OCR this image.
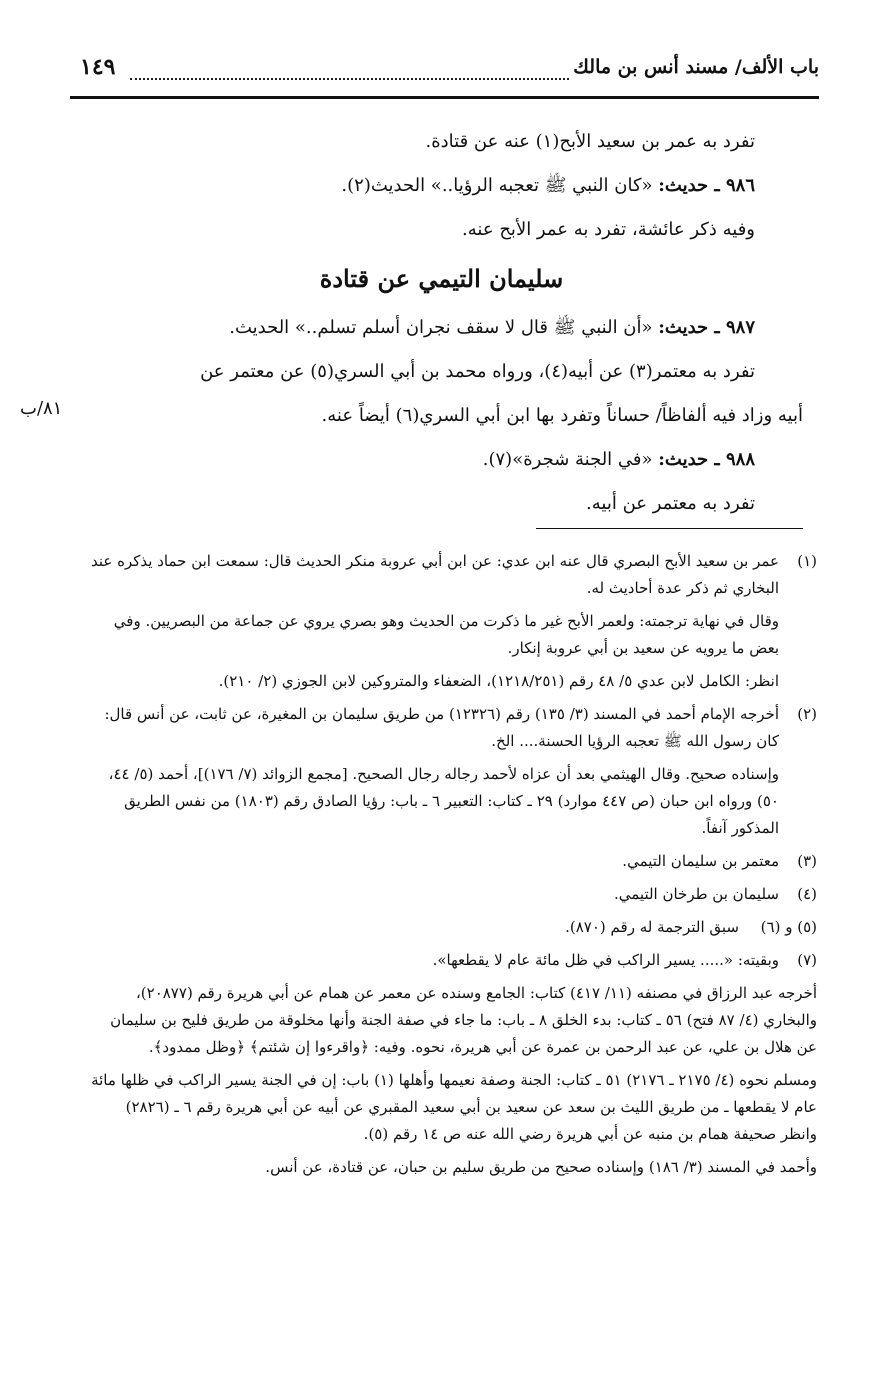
باب الألف/ مسند أنس بن مالك
١٤٩

تفرد به عمر بن سعيد الأبح(١) عنه عن قتادة.

٩٨٦ ـ حديث: «كان النبي ﷺ تعجبه الرؤيا..» الحديث(٢).

وفيه ذكر عائشة، تفرد به عمر الأبح عنه.

سليمان التيمي عن قتادة

٩٨٧ ـ حديث: «أن النبي ﷺ قال لا سقف نجران أسلم تسلم..» الحديث.

تفرد به معتمر(٣) عن أبيه(٤)، ورواه محمد بن أبي السري(٥) عن معتمر عن

أبيه وزاد فيه ألفاظاً/ حساناً وتفرد بها ابن أبي السري(٦) أيضاً عنه.

٩٨٨ ـ حديث: «في الجنة شجرة»(٧).

تفرد به معتمر عن أبيه.

٨١/ب
(١)

عمر بن سعيد الأبح البصري قال عنه ابن عدي: عن ابن أبي عروبة منكر الحديث قال: سمعت ابن حماد يذكره عند البخاري ثم ذكر عدة أحاديث له.

وقال في نهاية ترجمته: ولعمر الأبح غير ما ذكرت من الحديث وهو بصري يروي عن جماعة من البصريين. وفي بعض ما يرويه عن سعيد بن أبي عروبة إنكار.

انظر: الكامل لابن عدي ٥/ ٤٨ رقم (١٢١٨/٢٥١)، الضعفاء والمتروكين لابن الجوزي (٢/ ٢١٠).

(٢)

أخرجه الإمام أحمد في المسند (٣/ ١٣٥) رقم (١٢٣٢٦) من طريق سليمان بن المغيرة، عن ثابت، عن أنس قال: كان رسول الله ﷺ تعجبه الرؤيا الحسنة.... الخ.

وإسناده صحيح. وقال الهيثمي بعد أن عزاه لأحمد رجاله رجال الصحيح. [مجمع الزوائد (٧/ ١٧٦)]، أحمد (٥/ ٤٤، ٥٠) ورواه ابن حبان (ص ٤٤٧ موارد) ٢٩ ـ كتاب: التعبير ٦ ـ باب: رؤيا الصادق رقم (١٨٠٣) من نفس الطريق المذكور آنفاً.

(٣)

معتمر بن سليمان التيمي.

(٤)

سليمان بن طرخان التيمي.

(٥) و (٦)

سبق الترجمة له رقم (٨٧٠).

(٧)

وبقيته: «..... يسير الراكب في ظل مائة عام لا يقطعها».

أخرجه عبد الرزاق في مصنفه (١١/ ٤١٧) كتاب: الجامع وسنده عن معمر عن همام عن أبي هريرة رقم (٢٠٨٧٧)، والبخاري (٤/ ٨٧ فتح) ٥٦ ـ كتاب: بدء الخلق ٨ ـ باب: ما جاء في صفة الجنة وأنها مخلوقة من طريق فليح بن سليمان عن هلال بن علي، عن عبد الرحمن بن عمرة عن أبي هريرة، نحوه. وفيه: ﴿واقرءوا إن شئتم﴾ ﴿وظل ممدود﴾.

ومسلم نحوه (٤/ ٢١٧٥ ـ ٢١٧٦) ٥١ ـ كتاب: الجنة وصفة نعيمها وأهلها (١) باب: إن في الجنة يسير الراكب في ظلها مائة عام لا يقطعها ـ من طريق الليث بن سعد عن سعيد بن أبي سعيد المقبري عن أبيه عن أبي هريرة رقم ٦ ـ (٢٨٢٦) وانظر صحيفة همام بن منبه عن أبي هريرة رضي الله عنه ص ١٤ رقم (٥).

وأحمد في المسند (٣/ ١٨٦) وإسناده صحيح من طريق سليم بن حبان، عن قتادة، عن أنس.
